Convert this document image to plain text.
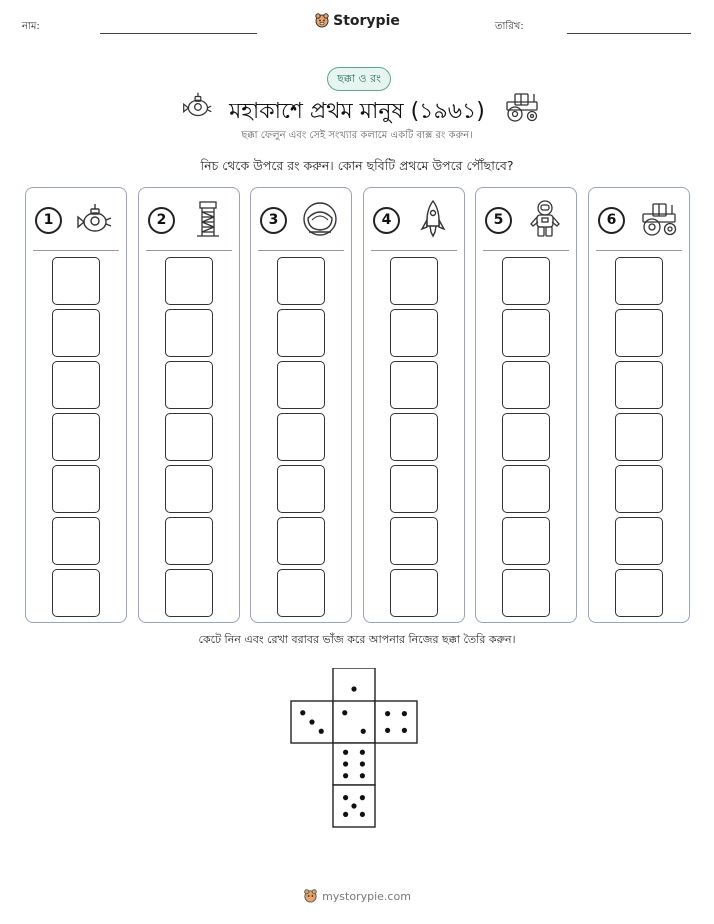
নাম:	Storypie	তারিখ:
ছক্কা ও রং
মহাকাশে প্রথম মানুষ (১৯৬১)
ছক্কা ফেলুন এবং সেই সংখ্যার কলামে একটি বাক্স রং করুন।
নিচ থেকে উপরে রং করুন। কোন ছবিটি প্রথমে উপরে পৌঁছাবে?
1	2	3	4	5	6
কেটে নিন এবং রেখা বরাবর ভাঁজ করে আপনার নিজের ছক্কা তৈরি করুন।
mystorypie.com
